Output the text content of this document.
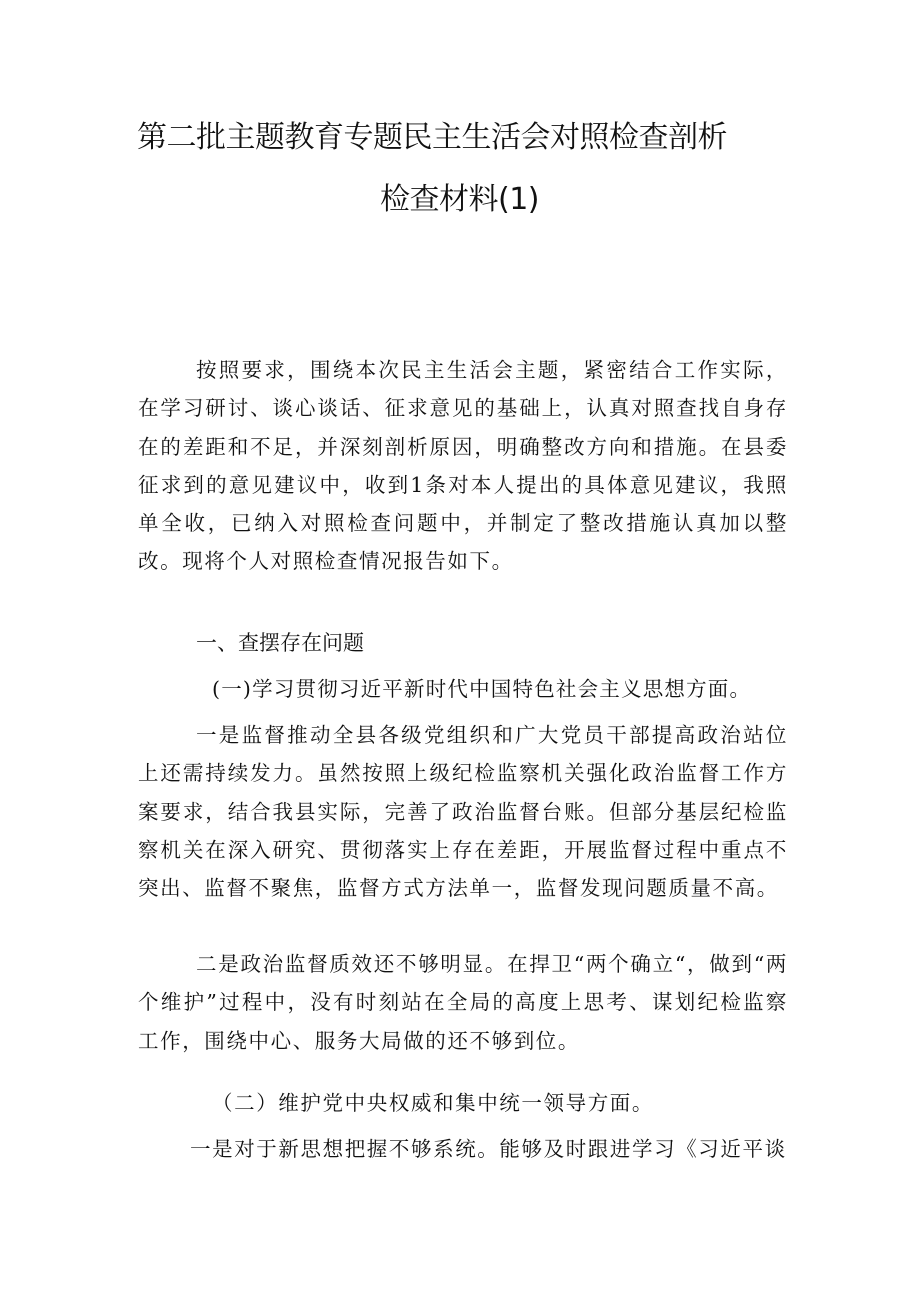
第二批主题教育专题民主生活会对照检查剖析
检查材料(1)

按照要求，围绕本次民主生活会主题，紧密结合工作实际，在学习研讨、谈心谈话、征求意见的基础上，认真对照查找自身存在的差距和不足，并深刻剖析原因，明确整改方向和措施。在县委征求到的意见建议中，收到1条对本人提出的具体意见建议，我照单全收，已纳入对照检查问题中，并制定了整改措施认真加以整改。现将个人对照检查情况报告如下。

一、查摆存在问题
(一)学习贯彻习近平新时代中国特色社会主义思想方面。

一是监督推动全县各级党组织和广大党员干部提高政治站位上还需持续发力。虽然按照上级纪检监察机关强化政治监督工作方案要求，结合我县实际，完善了政治监督台账。但部分基层纪检监察机关在深入研究、贯彻落实上存在差距，开展监督过程中重点不突出、监督不聚焦，监督方式方法单一，监督发现问题质量不高。

二是政治监督质效还不够明显。在捍卫“两个确立“，做到“两个维护”过程中，没有时刻站在全局的高度上思考、谋划纪检监察工作，围绕中心、服务大局做的还不够到位。

（二）维护党中央权威和集中统一领导方面。
一是对于新思想把握不够系统。能够及时跟进学习《习近平谈
